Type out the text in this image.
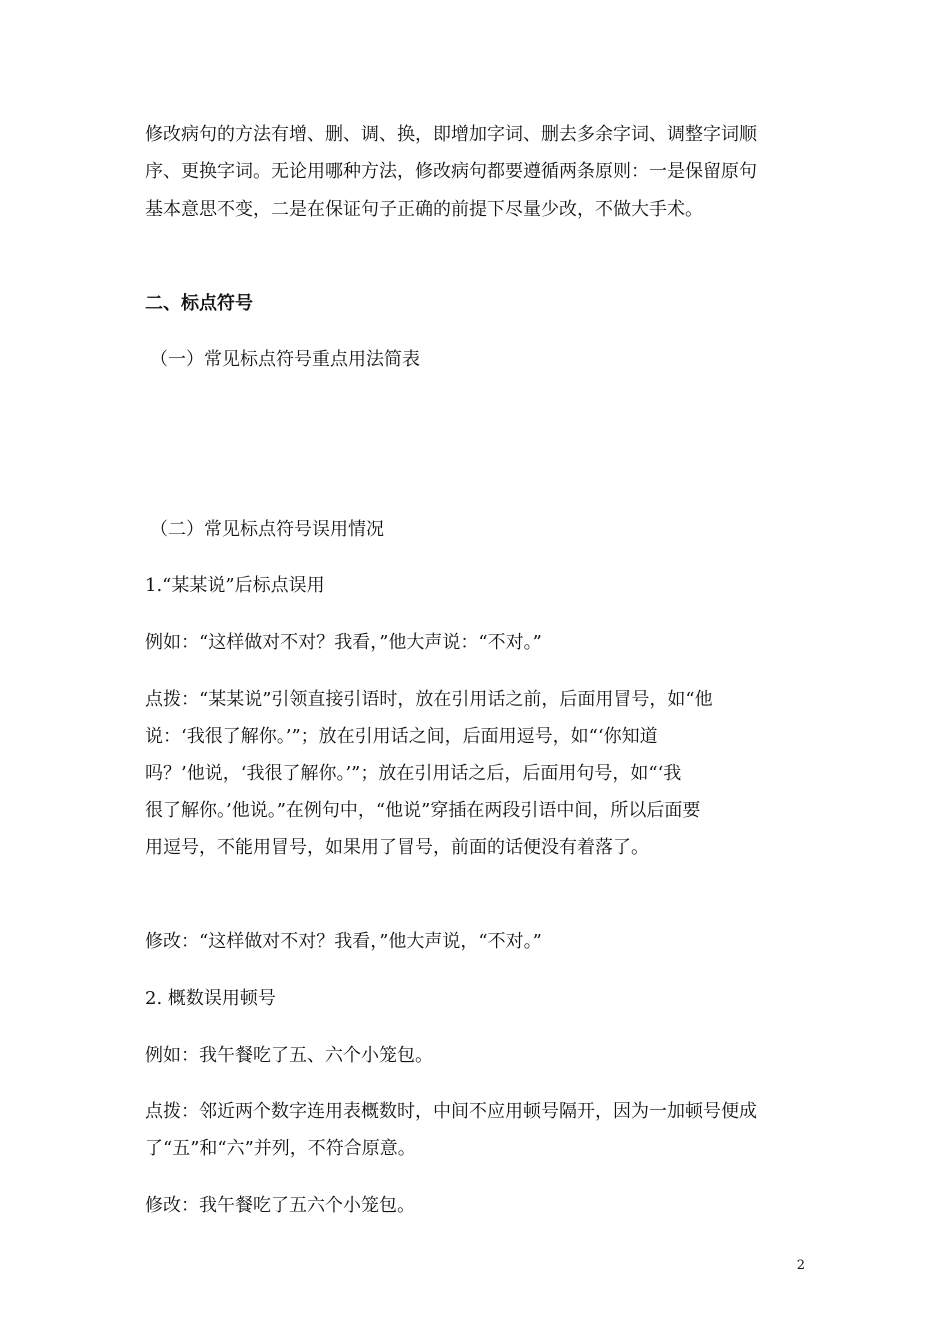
修改病句的方法有增、删、调、换，即增加字词、删去多余字词、调整字词顺
序、更换字词。无论用哪种方法，修改病句都要遵循两条原则：一是保留原句
基本意思不变，二是在保证句子正确的前提下尽量少改，不做大手术。
二、标点符号
（一）常见标点符号重点用法简表
（二）常见标点符号误用情况
1.“某某说”后标点误用
例如：“这样做对不对？我看，”他大声说：“不对。”
点拨：“某某说”引领直接引语时，放在引用话之前，后面用冒号，如“他
说：‘我很了解你。’”；放在引用话之间，后面用逗号，如“‘你知道
吗？’他说，‘我很了解你。’”；放在引用话之后，后面用句号，如“‘我
很了解你。’他说。”在例句中，“他说”穿插在两段引语中间，所以后面要
用逗号，不能用冒号，如果用了冒号，前面的话便没有着落了。
修改：“这样做对不对？我看，”他大声说，“不对。”
2. 概数误用顿号
例如：我午餐吃了五、六个小笼包。
点拨：邻近两个数字连用表概数时，中间不应用顿号隔开，因为一加顿号便成
了“五”和“六”并列，不符合原意。
修改：我午餐吃了五六个小笼包。
2
